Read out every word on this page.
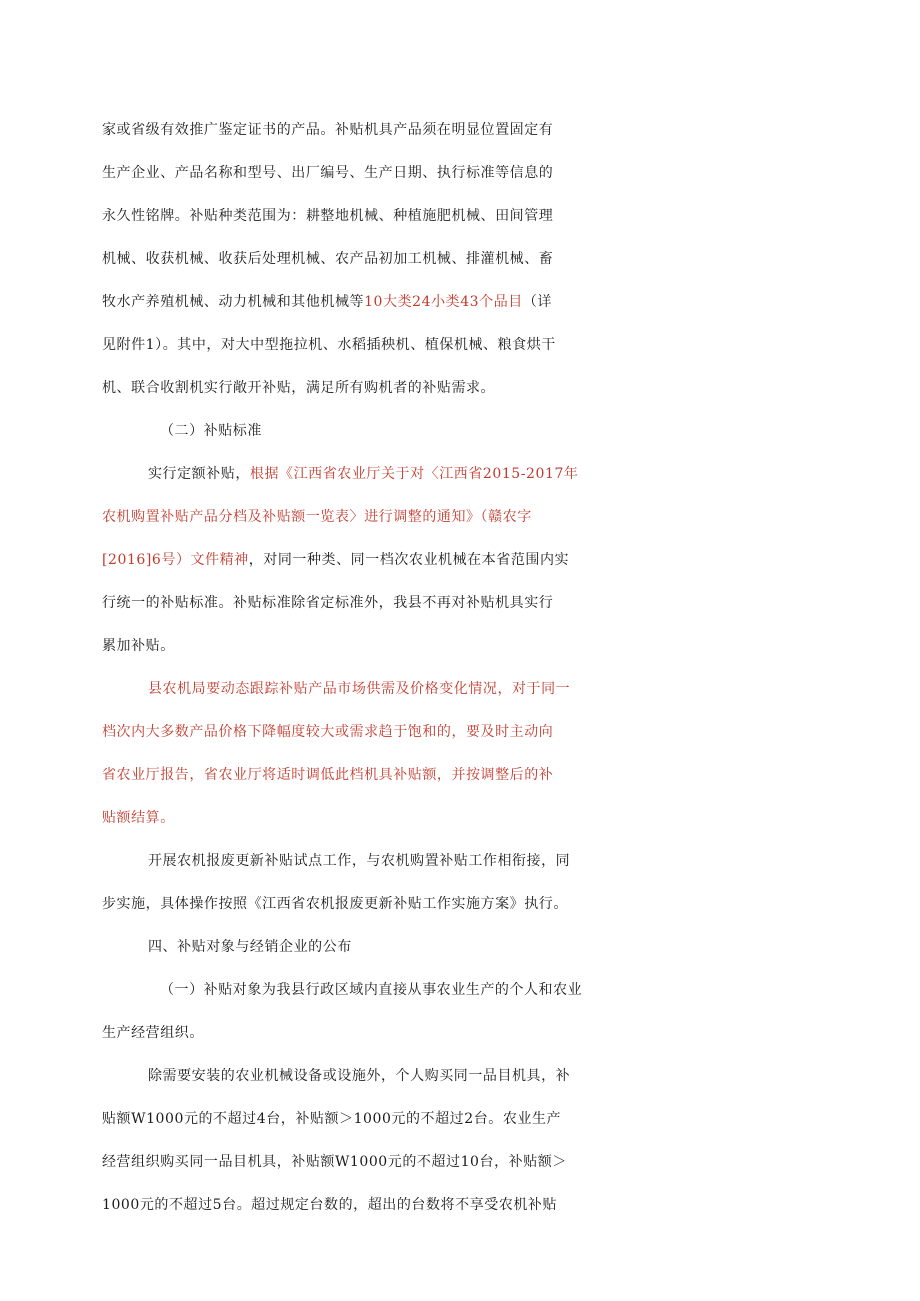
家或省级有效推广鉴定证书的产品。补贴机具产品须在明显位置固定有
生产企业、产品名称和型号、出厂编号、生产日期、执行标准等信息的
永久性铭牌。补贴种类范围为：耕整地机械、种植施肥机械、田间管理
机械、收获机械、收获后处理机械、农产品初加工机械、排灌机械、畜
牧水产养殖机械、动力机械和其他机械等10大类24小类43个品目（详
见附件1）。其中，对大中型拖拉机、水稻插秧机、植保机械、粮食烘干
机、联合收割机实行敞开补贴，满足所有购机者的补贴需求。
（二）补贴标准
实行定额补贴，根据《江西省农业厅关于对〈江西省2015-2017年
农机购置补贴产品分档及补贴额一览表〉进行调整的通知》（赣农字
[2016]6号）文件精神，对同一种类、同一档次农业机械在本省范围内实
行统一的补贴标准。补贴标准除省定标准外，我县不再对补贴机具实行
累加补贴。
县农机局要动态跟踪补贴产品市场供需及价格变化情况，对于同一
档次内大多数产品价格下降幅度较大或需求趋于饱和的，要及时主动向
省农业厅报告，省农业厅将适时调低此档机具补贴额，并按调整后的补
贴额结算。
开展农机报废更新补贴试点工作，与农机购置补贴工作相衔接，同
步实施，具体操作按照《江西省农机报废更新补贴工作实施方案》执行。
四、补贴对象与经销企业的公布
（一）补贴对象为我县行政区域内直接从事农业生产的个人和农业
生产经营组织。
除需要安装的农业机械设备或设施外，个人购买同一品目机具，补
贴额W1000元的不超过4台，补贴额＞1000元的不超过2台。农业生产
经营组织购买同一品目机具，补贴额W1000元的不超过10台，补贴额＞
1000元的不超过5台。超过规定台数的，超出的台数将不享受农机补贴
